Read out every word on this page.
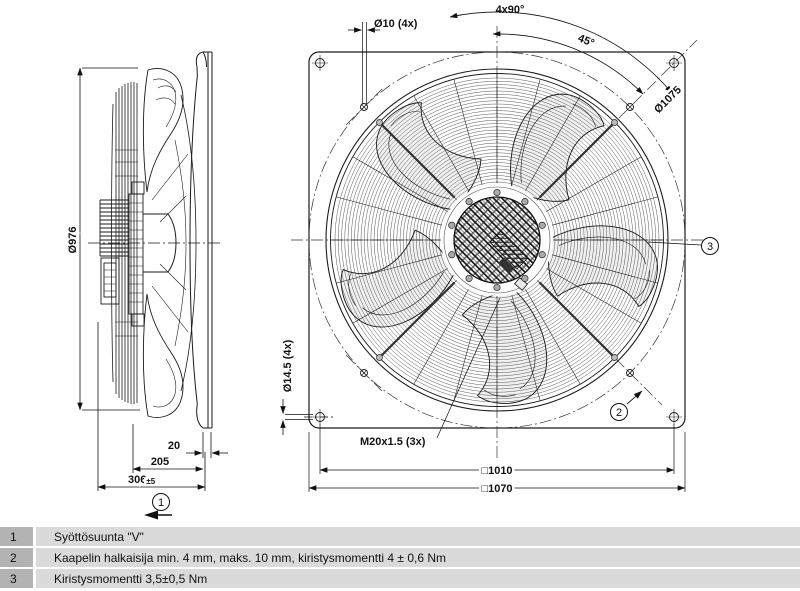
Ø976
20
205
306±5
1
Ø10 (4x)
4x90°
45°
Ø1075
Ø14.5 (4x)
M20x1.5 (3x)
□1010
□1070
3
2
1	Syöttösuunta "V"
2	Kaapelin halkaisija min. 4 mm, maks. 10 mm, kiristysmomentti 4 ± 0,6 Nm
3	Kiristysmomentti 3,5±0,5 Nm
